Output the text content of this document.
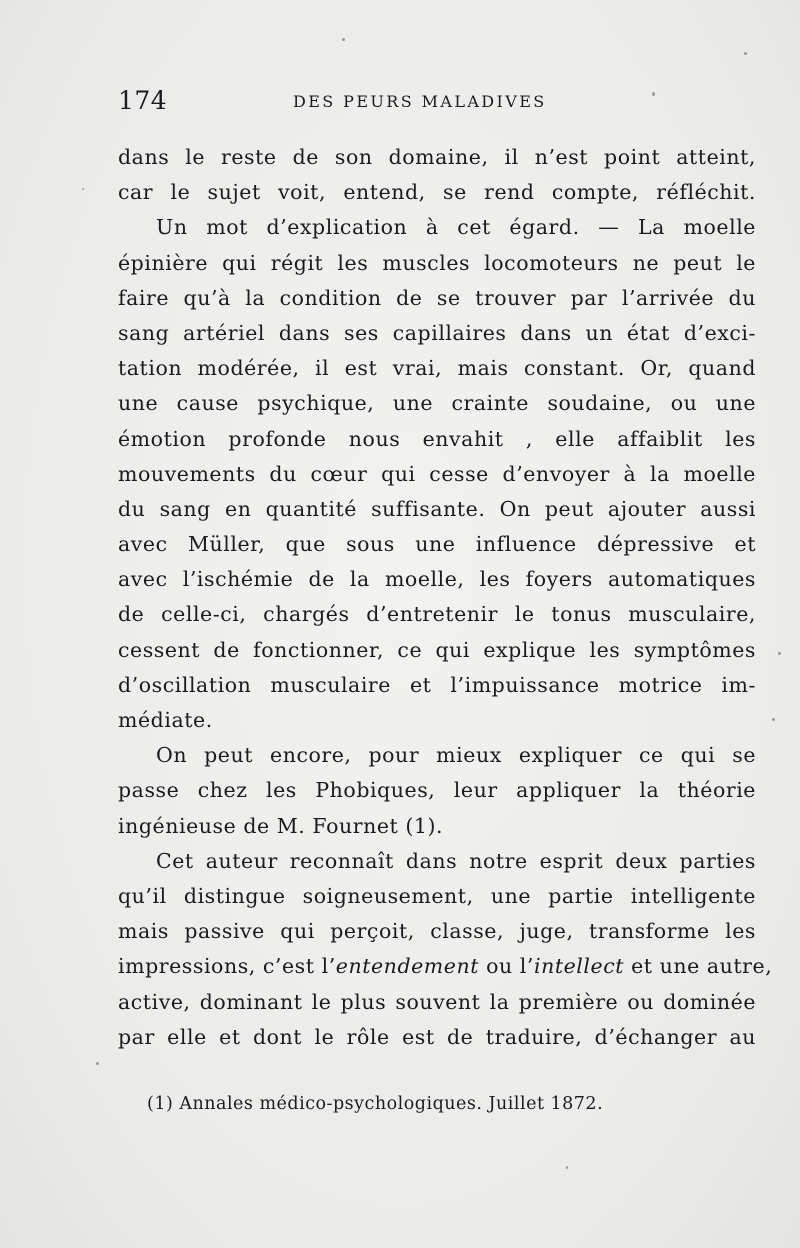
174	DES PEURS MALADIVES
dans le reste de son domaine, il n’est point atteint,
car le sujet voit, entend, se rend compte, réfléchit.
Un mot d’explication à cet égard. — La moelle
épinière qui régit les muscles locomoteurs ne peut le
faire qu’à la condition de se trouver par l’arrivée du
sang artériel dans ses capillaires dans un état d’exci-
tation modérée, il est vrai, mais constant. Or, quand
une cause psychique, une crainte soudaine, ou une
émotion profonde nous envahit , elle affaiblit les
mouvements du cœur qui cesse d’envoyer à la moelle
du sang en quantité suffisante. On peut ajouter aussi
avec Müller, que sous une influence dépressive et
avec l’ischémie de la moelle, les foyers automatiques
de celle-ci, chargés d’entretenir le tonus musculaire,
cessent de fonctionner, ce qui explique les symptômes
d’oscillation musculaire et l’impuissance motrice im-
médiate.
On peut encore, pour mieux expliquer ce qui se
passe chez les Phobiques, leur appliquer la théorie
ingénieuse de M. Fournet (1).
Cet auteur reconnaît dans notre esprit deux parties
qu’il distingue soigneusement, une partie intelligente
mais passive qui perçoit, classe, juge, transforme les
impressions, c’est l’entendement ou l’intellect et une autre,
active, dominant le plus souvent la première ou dominée
par elle et dont le rôle est de traduire, d’échanger au
(1) Annales médico-psychologiques. Juillet 1872.
